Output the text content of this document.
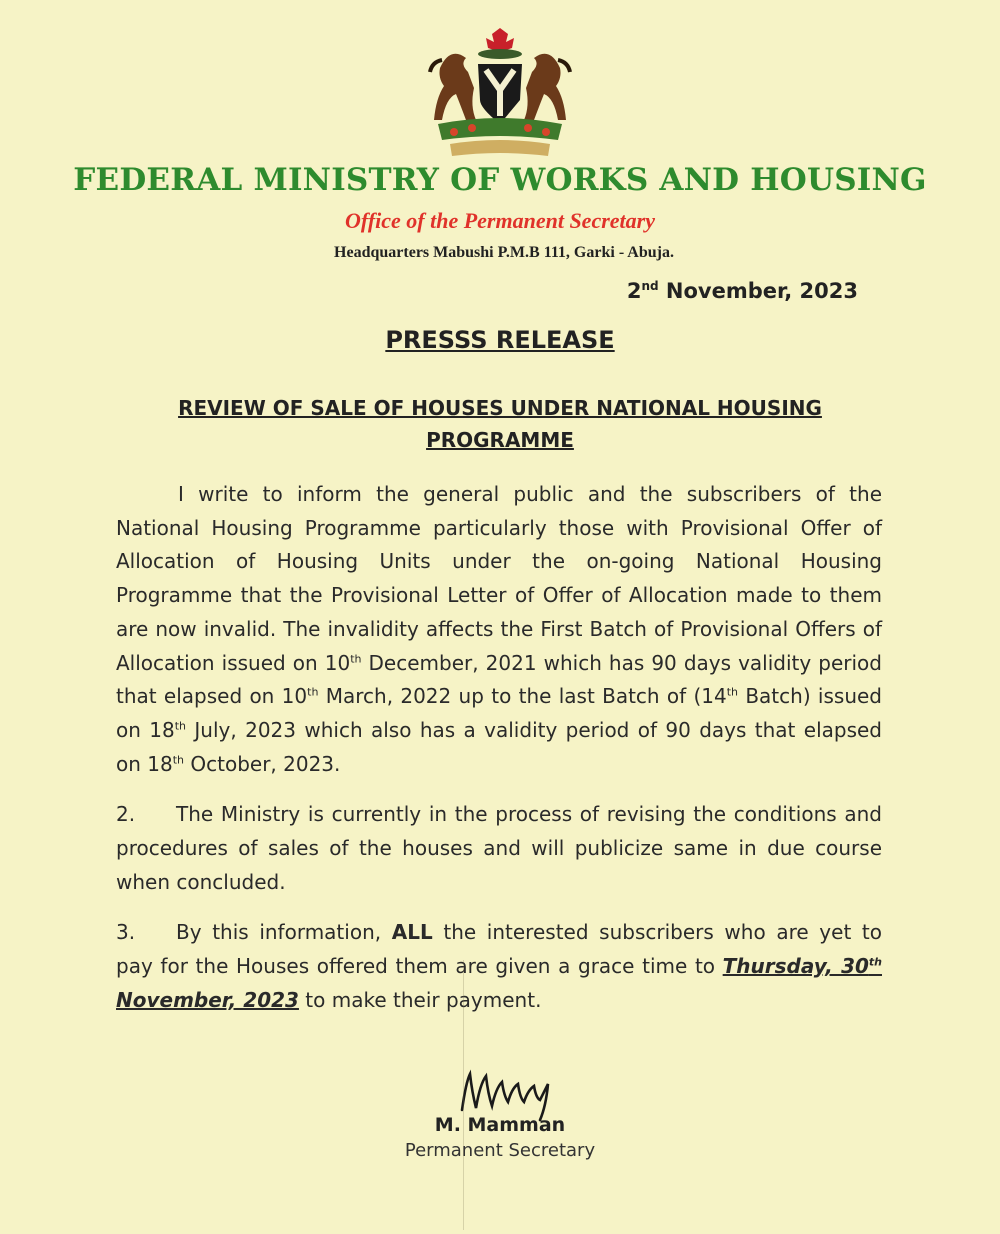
FEDERAL MINISTRY OF WORKS AND HOUSING
Office of the Permanent Secretary
Headquarters Mabushi P.M.B 111, Garki - Abuja.
2nd November, 2023
PRESSS RELEASE
REVIEW OF SALE OF HOUSES UNDER NATIONAL HOUSING PROGRAMME

I write to inform the general public and the subscribers of the National Housing Programme particularly those with Provisional Offer of Allocation of Housing Units under the on-going National Housing Programme that the Provisional Letter of Offer of Allocation made to them are now invalid. The invalidity affects the First Batch of Provisional Offers of Allocation issued on 10th December, 2021 which has 90 days validity period that elapsed on 10th March, 2022 up to the last Batch of (14th Batch) issued on 18th July, 2023 which also has a validity period of 90 days that elapsed on 18th October, 2023.

2. The Ministry is currently in the process of revising the conditions and procedures of sales of the houses and will publicize same in due course when concluded.

3. By this information, ALL the interested subscribers who are yet to pay for the Houses offered them are given a grace time to Thursday, 30th November, 2023 to make their payment.

M. Mamman
Permanent Secretary
